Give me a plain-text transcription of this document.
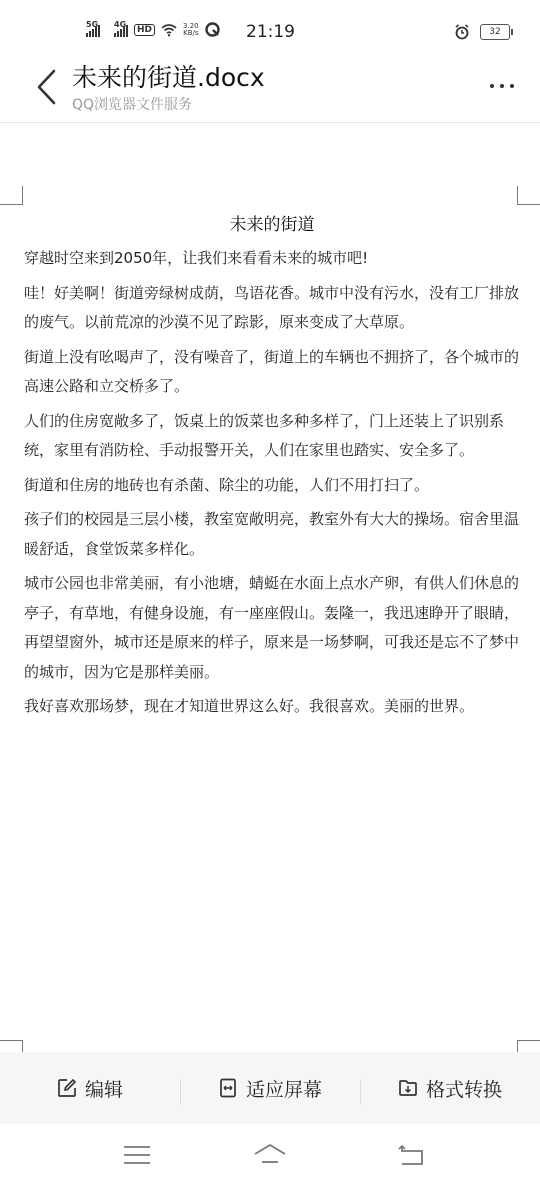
5G 4G
HD	3.20
KB/s	21:19	32
未来的街道.docx
QQ浏览器文件服务
未来的街道

穿越时空来到2050年，让我们来看看未来的城市吧!

哇！好美啊！街道旁绿树成荫，鸟语花香。城市中没有污水，没有工厂排放的废气。以前荒凉的沙漠不见了踪影，原来变成了大草原。

街道上没有吆喝声了，没有噪音了，街道上的车辆也不拥挤了，各个城市的高速公路和立交桥多了。

人们的住房宽敞多了，饭桌上的饭菜也多种多样了，门上还装上了识别系统，家里有消防栓、手动报警开关，人们在家里也踏实、安全多了。

街道和住房的地砖也有杀菌、除尘的功能，人们不用打扫了。

孩子们的校园是三层小楼，教室宽敞明亮，教室外有大大的操场。宿舍里温暖舒适，食堂饭菜多样化。

城市公园也非常美丽，有小池塘，蜻蜓在水面上点水产卵，有供人们休息的亭子，有草地，有健身设施，有一座座假山。轰隆一，我迅速睁开了眼睛，再望望窗外，城市还是原来的样子，原来是一场梦啊，可我还是忘不了梦中的城市，因为它是那样美丽。

我好喜欢那场梦，现在才知道世界这么好。我很喜欢。美丽的世界。

编辑	适应屏幕	格式转换
